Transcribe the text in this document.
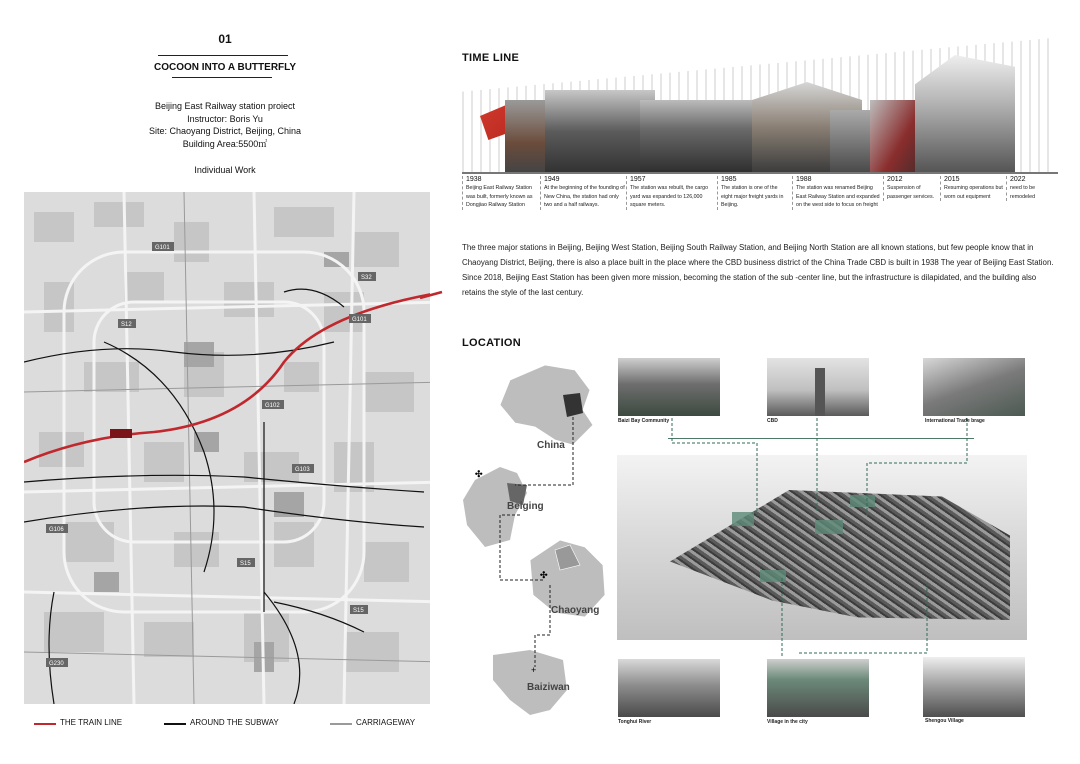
01
COCOON INTO A BUTTERFLY
Beijing East Railway station proiect
Instructor: Boris Yu
Site: Chaoyang District, Beijing, China
Building Area:5500㎡
Individual Work
G101
S12
S32
G101
G102
G103
G106
S15
S15
G230
THE TRAIN LINE	AROUND THE SUBWAY	CARRIAGEWAY
TIME LINE
1938
Beijing East Railway Station was built, formerly known as Dongjiao Railway Station
1949
At the beginning of the founding of New China, the station had only two and a half railways.
1957
The station was rebuilt, the cargo yard was expanded to 126,000 square meters.
1985
The station is one of the eight major freight yards in Beijing.
1988
The station was renamed Beijing East Railway Station and expanded on the west side to focus on freight
2012
Suspension of passenger services.
2015
Resuming operations but worn out equipment
2022
need to be remodeled
The three major stations in Beijing, Beijing West Station, Beijing South Railway Station, and Beijing North Station are all known stations, but few people know that in Chaoyang District, Beijing, there is also a place built in the place where the CBD business district of the China Trade CBD is built in 1938 The year of Beijing East Station. Since 2018, Beijing East Station has been given more mission, becoming the station of the sub -center line, but the infrastructure is dilapidated, and the building also retains the style of the last century.
LOCATION
✣
✣
+
China
Beiging
Chaoyang
Baiziwan
Baizi Bay Community	CBD	International Trade brage
Tonghui River	Village in the city	Shengou Village
